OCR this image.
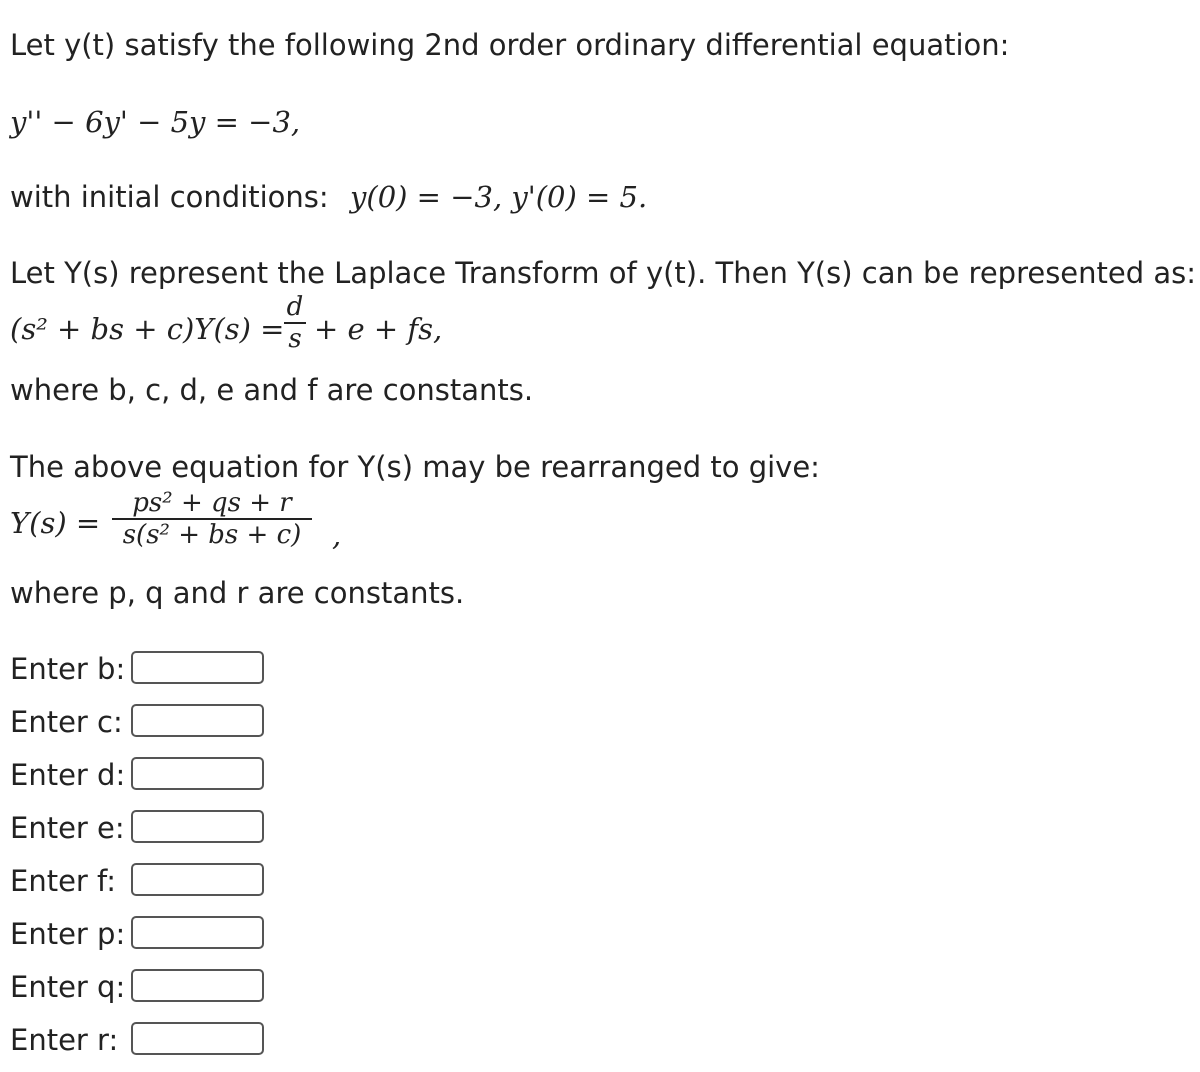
Let y(t) satisfy the following 2nd order ordinary differential equation:
y'' − 6y' − 5y = −3,
with initial conditions: y(0) = −3, y'(0) = 5.
Let Y(s) represent the Laplace Transform of y(t). Then Y(s) can be represented as:
(s² + bs + c)Y(s) =
d
s + e + fs,
where b, c, d, e and f are constants.
The above equation for Y(s) may be rearranged to give:
Y(s) =
ps² + qs + r
s(s² + bs + c)	,
where p, q and r are constants.
Enter b:
Enter c:
Enter d:
Enter e:
Enter f:
Enter p:
Enter q:
Enter r:
